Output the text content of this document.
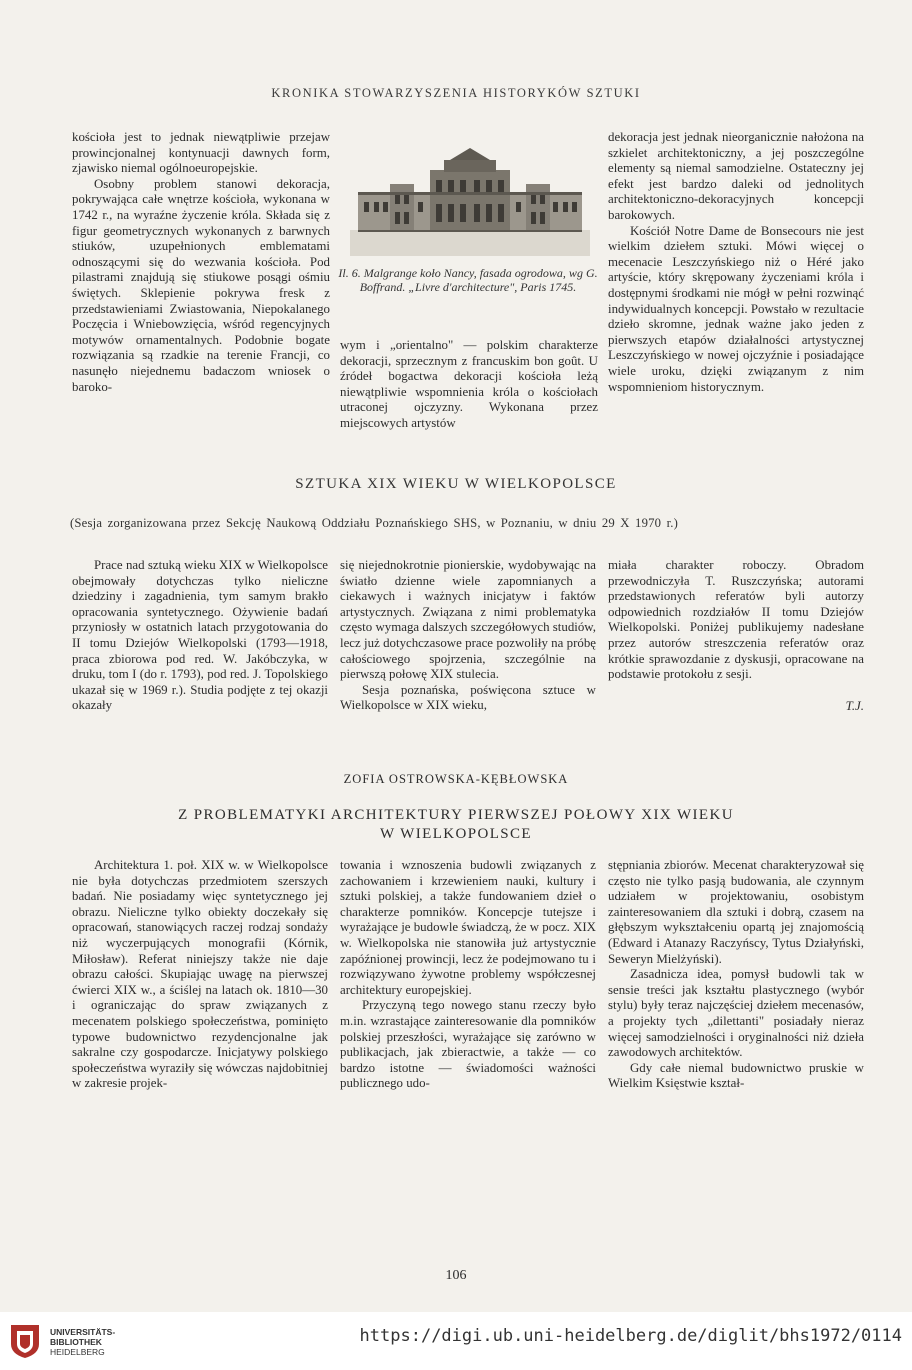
KRONIKA STOWARZYSZENIA HISTORYKÓW SZTUKI

kościoła jest to jednak niewątpliwie przejaw prowincjonalnej kontynuacji dawnych form, zjawisko niemal ogólnoeuropejskie.

Osobny problem stanowi dekoracja, pokrywająca całe wnętrze kościoła, wykonana w 1742 r., na wyraźne życzenie króla. Składa się z figur geometrycznych wykonanych z barwnych stiuków, uzupełnionych emblematami odnoszącymi się do wezwania kościoła. Pod pilastrami znajdują się stiukowe posągi ośmiu świętych. Sklepienie pokrywa fresk z przedstawieniami Zwiastowania, Niepokalanego Poczęcia i Wniebowzięcia, wśród regencyjnych motywów ornamentalnych. Podobnie bogate rozwiązania są rzadkie na terenie Francji, co nasunęło niejednemu badaczom wniosek o baroko-

Il. 6. Malgrange koło Nancy, fasada ogrodowa, wg G. Boffrand. „Livre d'architecture", Paris 1745.

wym i „orientalno" — polskim charakterze dekoracji, sprzecznym z francuskim bon goût. U źródeł bogactwa dekoracji kościoła leżą niewątpliwie wspomnienia króla o kościołach utraconej ojczyzny. Wykonana przez miejscowych artystów

dekoracja jest jednak nieorganicznie nałożona na szkielet architektoniczny, a jej poszczególne elementy są niemal samodzielne. Ostateczny jej efekt jest bardzo daleki od jednolitych architektoniczno-dekoracyjnych koncepcji barokowych.

Kościół Notre Dame de Bonsecours nie jest wielkim dziełem sztuki. Mówi więcej o mecenacie Leszczyńskiego niż o Héré jako artyście, który skrępowany życzeniami króla i dostępnymi środkami nie mógł w pełni rozwinąć indywidualnych koncepcji. Powstało w rezultacie dzieło skromne, jednak ważne jako jeden z pierwszych etapów działalności artystycznej Leszczyńskiego w nowej ojczyźnie i posiadające wiele uroku, dzięki związanym z nim wspomnieniom historycznym.

SZTUKA XIX WIEKU W WIELKOPOLSCE
(Sesja zorganizowana przez Sekcję Naukową Oddziału Poznańskiego SHS, w Poznaniu, w dniu 29 X 1970 r.)

Prace nad sztuką wieku XIX w Wielkopolsce obejmowały dotychczas tylko nieliczne dziedziny i zagadnienia, tym samym brakło opracowania syntetycznego. Ożywienie badań przyniosły w ostatnich latach przygotowania do II tomu Dziejów Wielkopolski (1793—1918, praca zbiorowa pod red. W. Jakóbczyka, w druku, tom I (do r. 1793), pod red. J. Topolskiego ukazał się w 1969 r.). Studia podjęte z tej okazji okazały

się niejednokrotnie pionierskie, wydobywając na światło dzienne wiele zapomnianych a ciekawych i ważnych inicjatyw i faktów artystycznych. Związana z nimi problematyka często wymaga dalszych szczegółowych studiów, lecz już dotychczasowe prace pozwoliły na próbę całościowego spojrzenia, szczególnie na pierwszą połowę XIX stulecia.

Sesja poznańska, poświęcona sztuce w Wielkopolsce w XIX wieku,

miała charakter roboczy. Obradom przewodniczyła T. Ruszczyńska; autorami przedstawionych referatów byli autorzy odpowiednich rozdziałów II tomu Dziejów Wielkopolski. Poniżej publikujemy nadesłane przez autorów streszczenia referatów oraz krótkie sprawozdanie z dyskusji, opracowane na podstawie protokołu z sesji.

T.J.

ZOFIA OSTROWSKA-KĘBŁOWSKA
Z PROBLEMATYKI ARCHITEKTURY PIERWSZEJ POŁOWY XIX WIEKU
W WIELKOPOLSCE

Architektura 1. poł. XIX w. w Wielkopolsce nie była dotychczas przedmiotem szerszych badań. Nie posiadamy więc syntetycznego jej obrazu. Nieliczne tylko obiekty doczekały się opracowań, stanowiących raczej rodzaj sondaży niż wyczerpujących monografii (Kórnik, Miłosław). Referat niniejszy także nie daje obrazu całości. Skupiając uwagę na pierwszej ćwierci XIX w., a ściślej na latach ok. 1810—30 i ograniczając do spraw związanych z mecenatem polskiego społeczeństwa, pominięto typowe budownictwo rezydencjonalne jak sakralne czy gospodarcze. Inicjatywy polskiego społeczeństwa wyraziły się wówczas najdobitniej w zakresie projek-

towania i wznoszenia budowli związanych z zachowaniem i krzewieniem nauki, kultury i sztuki polskiej, a także fundowaniem dzieł o charakterze pomników. Koncepcje tutejsze i wyrażające je budowle świadczą, że w pocz. XIX w. Wielkopolska nie stanowiła już artystycznie zapóźnionej prowincji, lecz że podejmowano tu i rozwiązywano żywotne problemy współczesnej architektury europejskiej.

Przyczyną tego nowego stanu rzeczy było m.in. wzrastające zainteresowanie dla pomników polskiej przeszłości, wyrażające się zarówno w publikacjach, jak zbieractwie, a także — co bardzo istotne — świadomości ważności publicznego udo-

stępniania zbiorów. Mecenat charakteryzował się często nie tylko pasją budowania, ale czynnym udziałem w projektowaniu, osobistym zainteresowaniem dla sztuki i dobrą, czasem na głębszym wykształceniu opartą jej znajomością (Edward i Atanazy Raczyńscy, Tytus Działyński, Seweryn Mielżyński).

Zasadnicza idea, pomysł budowli tak w sensie treści jak kształtu plastycznego (wybór stylu) były teraz najczęściej dziełem mecenasów, a projekty tych „dilettanti" posiadały nieraz więcej samodzielności i oryginalności niż dzieła zawodowych architektów.

Gdy całe niemal budownictwo pruskie w Wielkim Księstwie kształ-

106
UNIVERSITÄTS-
BIBLIOTHEK
HEIDELBERG
https://digi.ub.uni-heidelberg.de/diglit/bhs1972/0114
